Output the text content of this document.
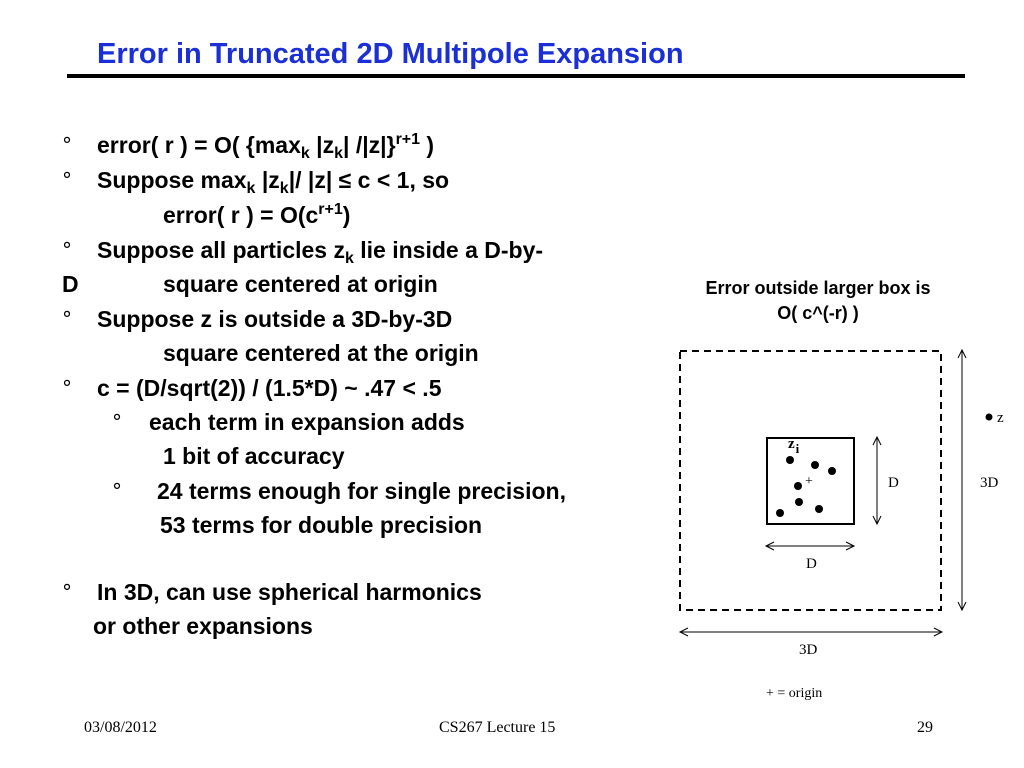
Error in Truncated 2D Multipole Expansion
°	error( r ) = O( {$\max_k$ $|z_k|$ /|z|}$^{r+1}$ )
°	Suppose $\max_k |z_k|/$ |z| ≤ c < 1, so
error( r ) = $O(c^{r+1})$
°	Suppose all particles $z_k$ lie inside a D-by-
D	square centered at origin
°	Suppose z is outside a 3D-by-3D
square centered at the origin
°	c = (D/sqrt(2)) / (1.5*D) ~ .47 < .5
°	each term in expansion adds
1 bit of accuracy
°	24 terms enough for single precision,
53 terms for double precision
°	In 3D, can use spherical harmonics
or other expansions
Error outside larger box is
O( c^(-r) )
zi
+	D
D
3D
z
3D
+ = origin
03/08/2012	CS267 Lecture 15	29
